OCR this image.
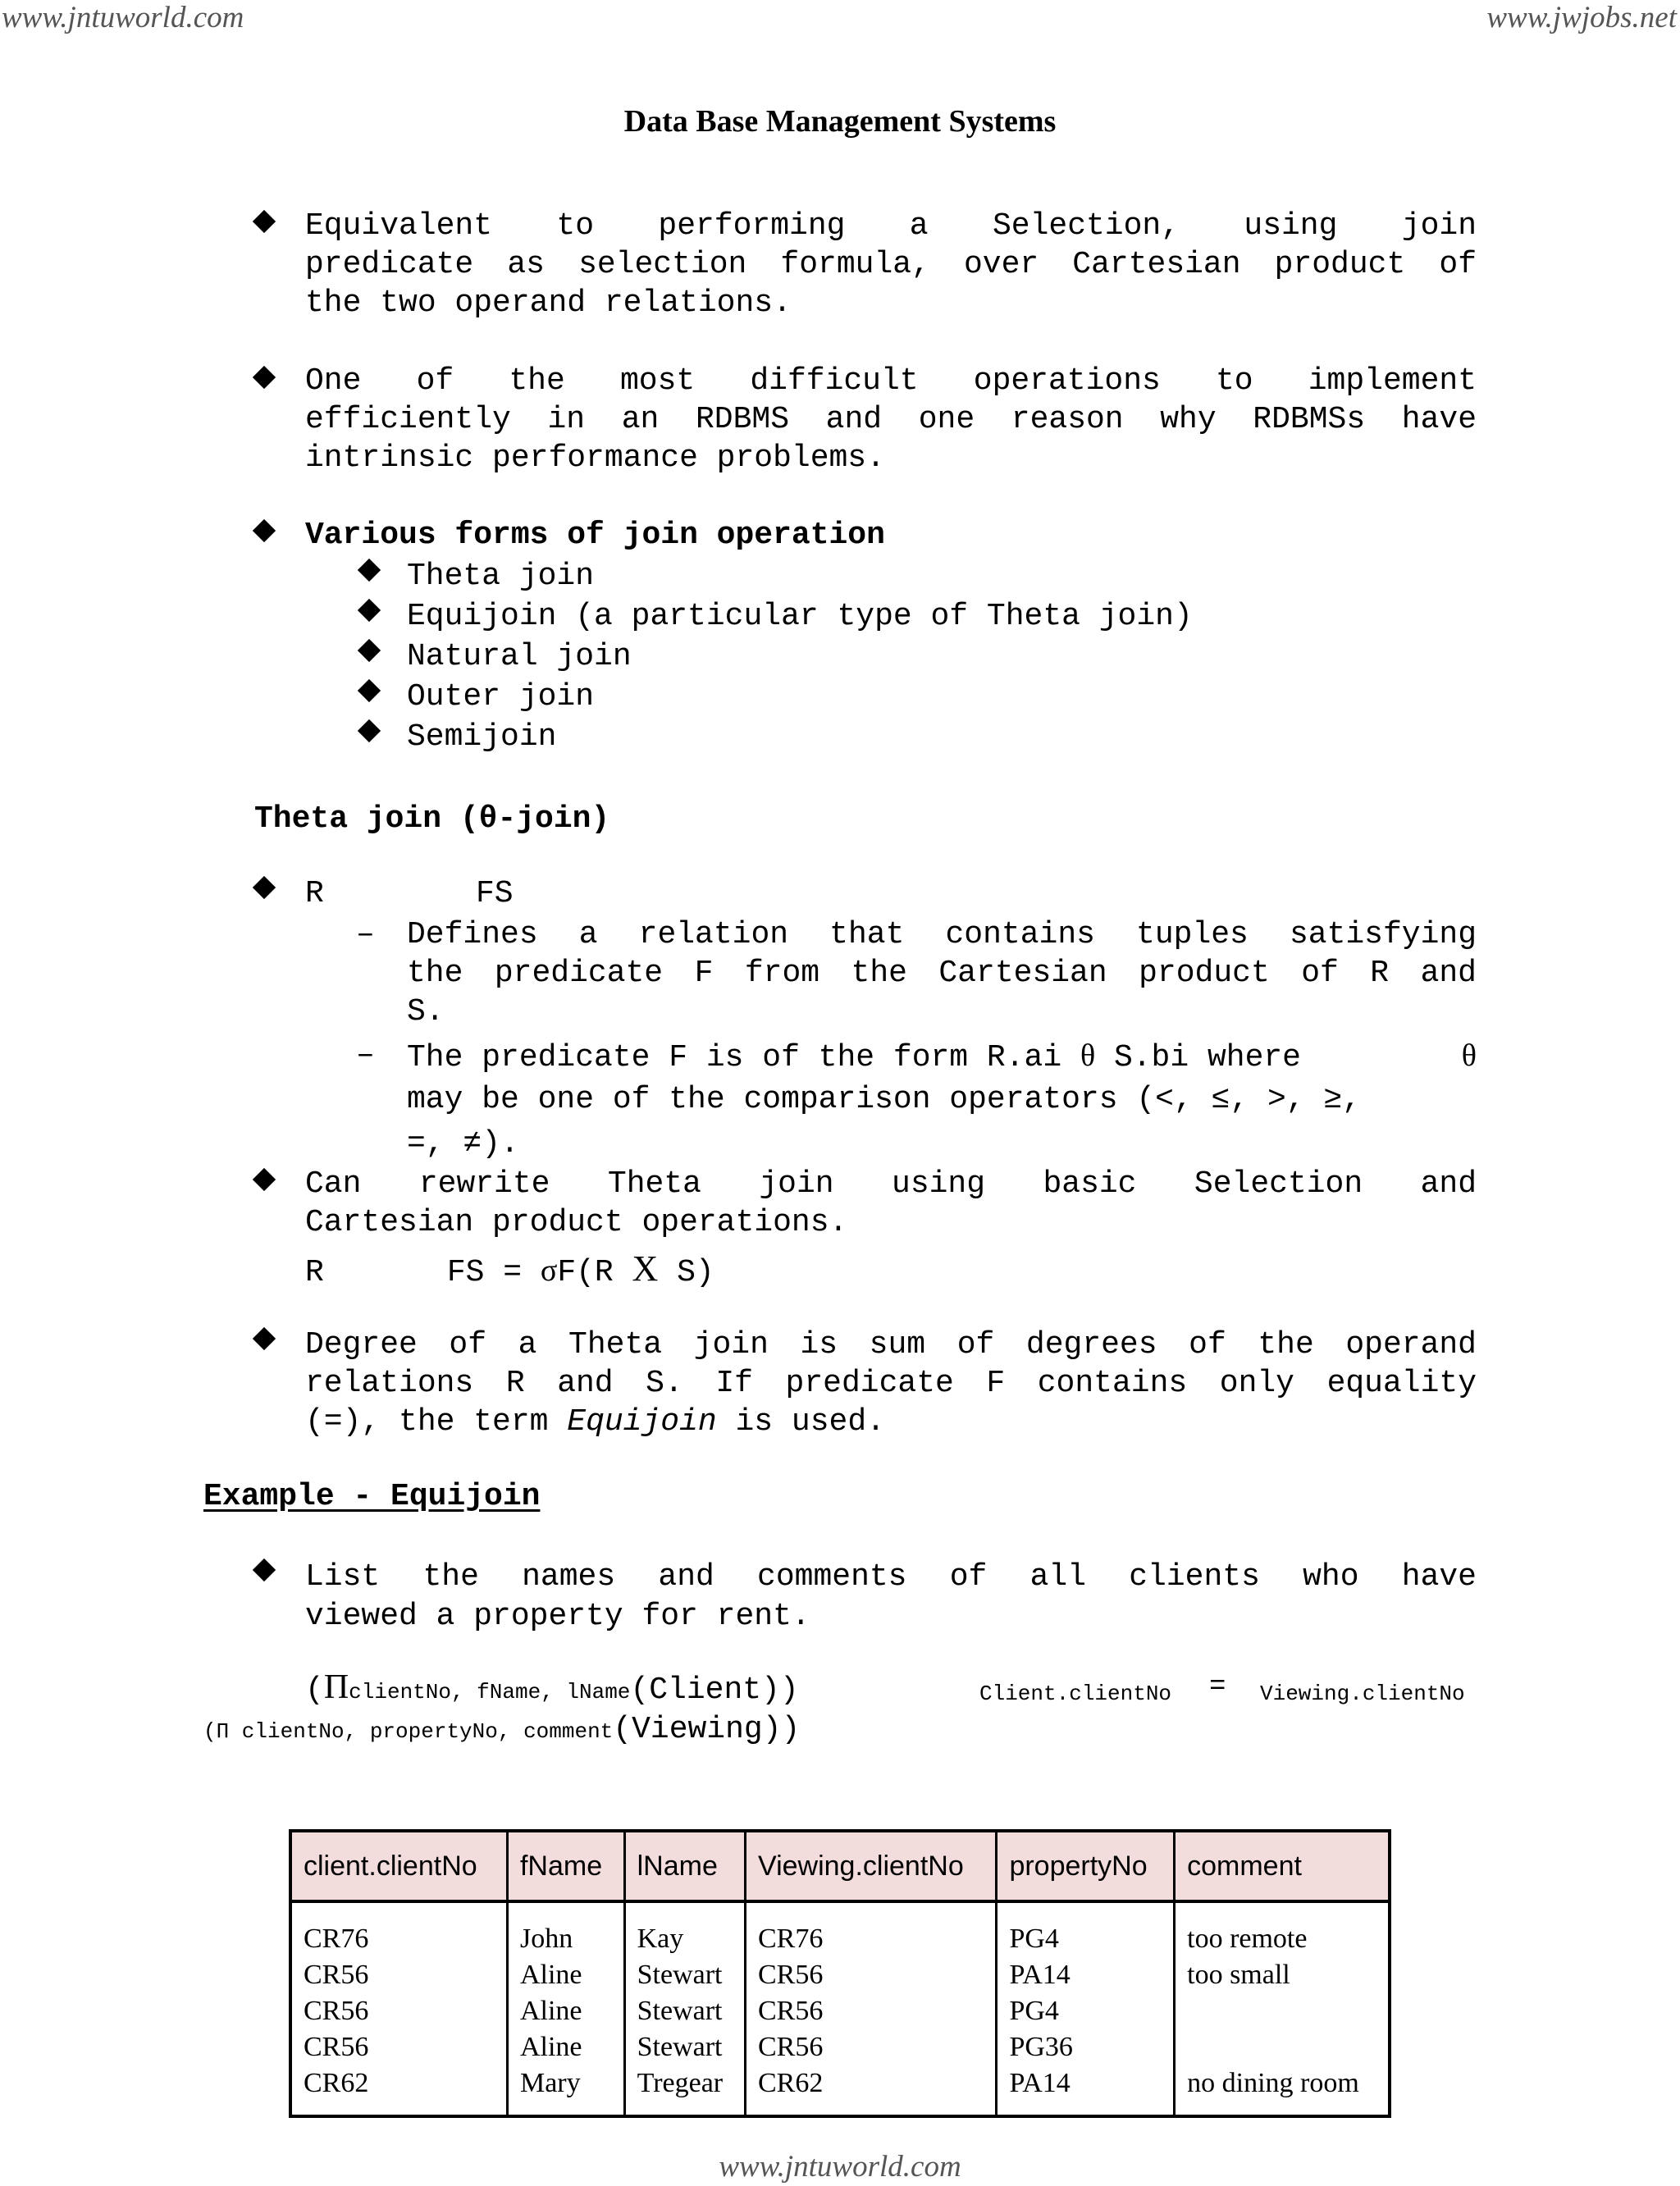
www.jntuworld.com	www.jwjobs.net
www.jntuworld.com
Data Base Management Systems
Equivalent to performing a Selection, using join
predicate as selection formula, over Cartesian product of
the two operand relations.
One of the most difficult operations to implement
efficiently in an RDBMS and one reason why RDBMSs have
intrinsic performance problems.
Various forms of join operation
Theta join
Equijoin (a particular type of Theta join)
Natural join
Outer join
Semijoin
Theta join (θ-join)
R	FS
– Defines a relation that contains tuples satisfying
the predicate F from the Cartesian product of R and
S.
– The predicate F is of the form R.ai θ S.bi where	θ
may be one of the comparison operators (<, ≤, >, ≥,
=, ≠).
Can rewrite Theta join using basic Selection and
Cartesian product operations.
R	FS = σF(R X S)
Degree of a Theta join is sum of degrees of the operand
relations R and S. If predicate F contains only equality
(=), the term Equijoin is used.
Example - Equijoin
List the names and comments of all clients who have
viewed a property for rent.
(ΠclientNo, fName, lName(Client))	Client.clientNo = Viewing.clientNo
(Π clientNo, propertyNo, comment(Viewing))
client.clientNo	fName	lName	Viewing.clientNo	propertyNo	comment
CR76	John	Kay	CR76	PG4	too remote
CR56	Aline	Stewart	CR56	PA14	too small
CR56	Aline	Stewart	CR56	PG4	
CR56	Aline	Stewart	CR56	PG36	
CR62	Mary	Tregear	CR62	PA14	no dining room
